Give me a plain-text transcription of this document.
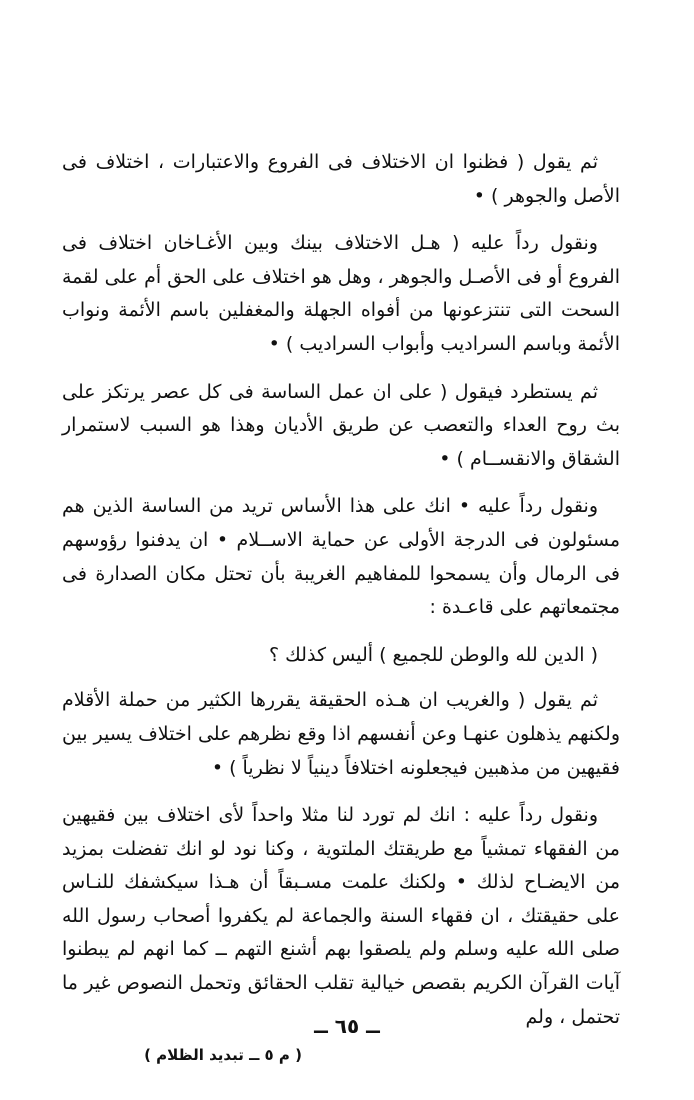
ثم يقول ( فظنوا ان الاختلاف فى الفروع والاعتبارات ، اختلاف فى الأصل والجوهر ) •

ونقول رداً عليه ( هـل الاختلاف بينك وبين الأغـاخان اختلاف فى الفروع أو فى الأصـل والجوهر ، وهل هو اختلاف على الحق أم على لقمة السحت التى تنتزعونها من أفواه الجهلة والمغفلين باسم الأئمة ونواب الأئمة وباسم السراديب وأبواب السراديب ) •

ثم يستطرد فيقول ( على ان عمل الساسة فى كل عصر يرتكز على بث روح العداء والتعصب عن طريق الأديان وهذا هو السبب لاستمرار الشقاق والانقســام ) •

ونقول رداً عليه • انك على هذا الأساس تريد من الساسة الذين هم مسئولون فى الدرجة الأولى عن حماية الاســلام • ان يدفنوا رؤوسهم فى الرمال وأن يسمحوا للمفاهيم الغريبة بأن تحتل مكان الصدارة فى مجتمعاتهم على قاعـدة :

( الدين لله والوطن للجميع ) أليس كذلك ؟

ثم يقول ( والغريب ان هـذه الحقيقة يقررها الكثير من حملة الأقلام ولكنهم يذهلون عنهـا وعن أنفسهم اذا وقع نظرهم على اختلاف يسير بين فقيهين من مذهبين فيجعلونه اختلافاً دينياً لا نظرياً ) •

ونقول رداً عليه : انك لم تورد لنا مثلا واحداً لأى اختلاف بين فقيهين من الفقهاء تمشياً مع طريقتك الملتوية ، وكنا نود لو انك تفضلت بمزيد من الايضـاح لذلك • ولكنك علمت مسـبقاً أن هـذا سيكشفك للنـاس على حقيقتك ، ان فقهاء السنة والجماعة لم يكفروا أصحاب رسول الله صلى الله عليه وسلم ولم يلصقوا بهم أشنع التهم ــ كما انهم لم يبطنوا آيات القرآن الكريم بقصص خيالية تقلب الحقائق وتحمل النصوص غير ما تحتمل ، ولم

ــ ٦٥ ــ
( م ٥ ــ تبديد الظلام )
